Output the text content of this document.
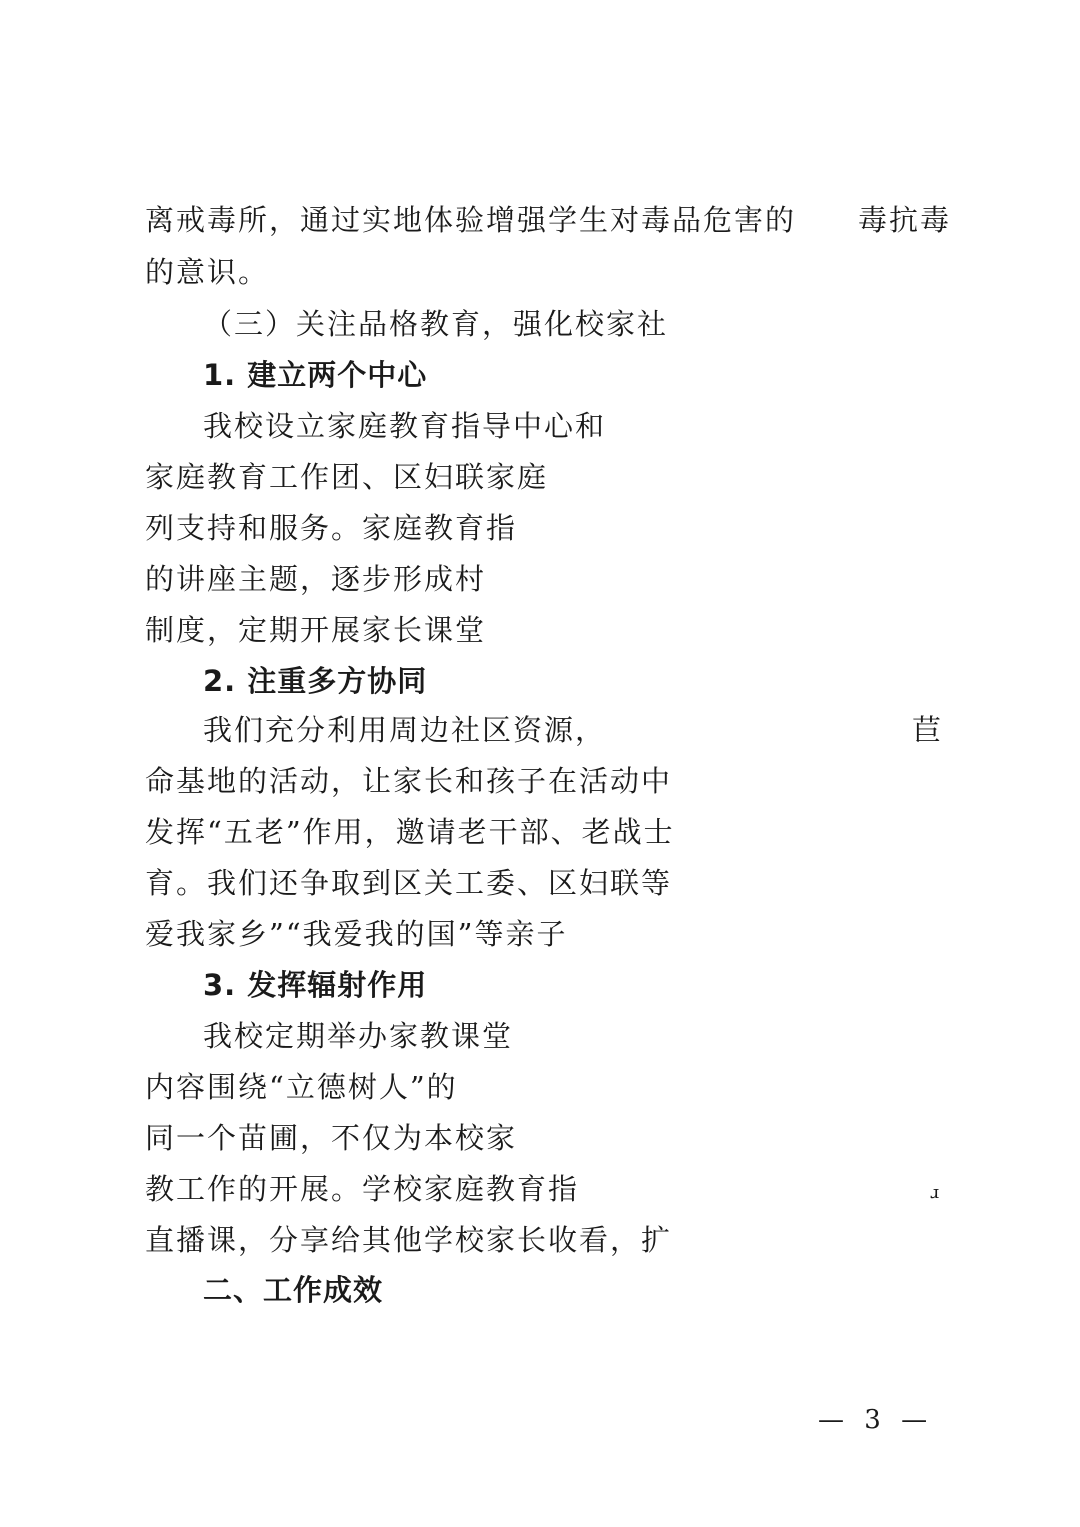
离戒毒所，通过实地体验增强学生对毒品危害的 毒抗毒
的意识。
（三）关注品格教育，强化校家社
1. 建立两个中心
我校设立家庭教育指导中心和
家庭教育工作团、区妇联家庭
列支持和服务。家庭教育指
的讲座主题，逐步形成村
制度，定期开展家长课堂
2. 注重多方协同
我们充分利用周边社区资源，	苣
命基地的活动，让家长和孩子在活动中
发挥“五老”作用，邀请老干部、老战士
育。我们还争取到区关工委、区妇联等
爱我家乡”“我爱我的国”等亲子
3. 发挥辐射作用
我校定期举办家教课堂
内容围绕“立德树人”的
同一个苗圃，不仅为本校家
教工作的开展。学校家庭教育指	ɹ
直播课，分享给其他学校家长收看，扩
二、工作成效
— 3 —
